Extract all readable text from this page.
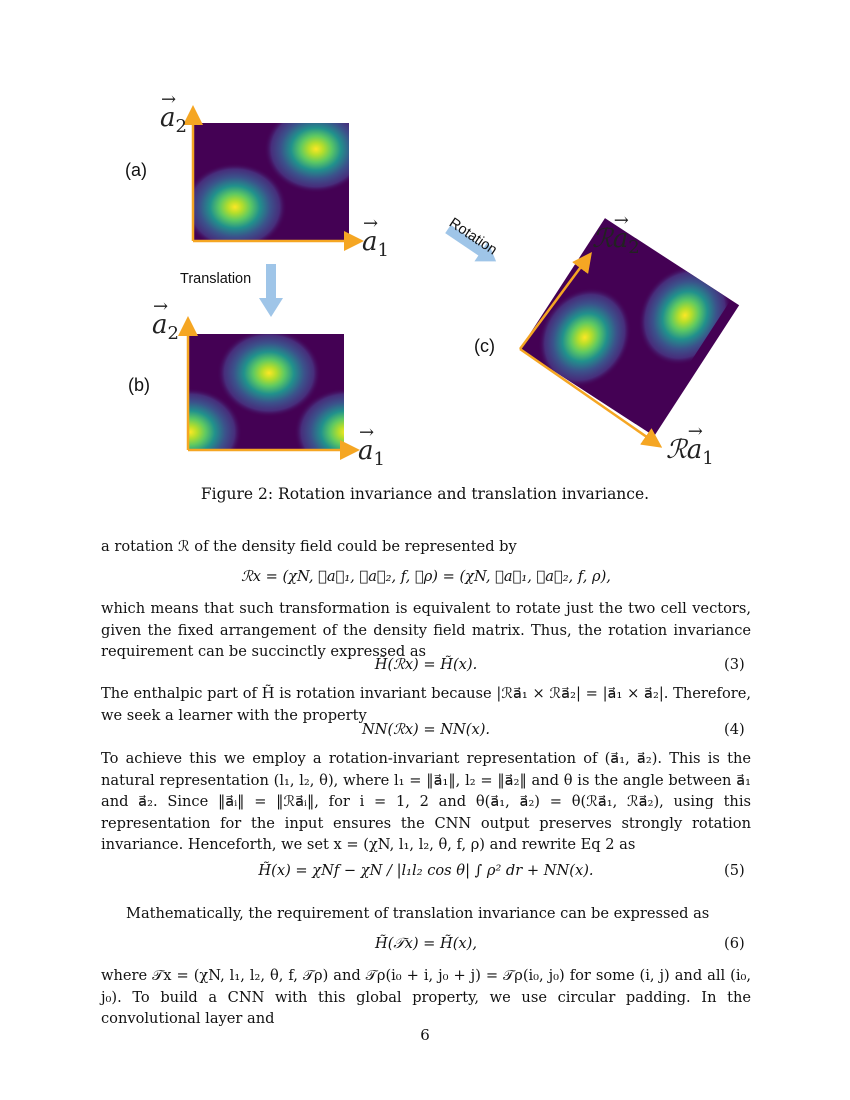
(a)
(b)
(c)
→ $a_2$
→ $a_1$
→ $a_2$
→ $a_1$
ℛ→ $a_2$
ℛ→ $a_1$
Translation
Rotation
Figure 2: Rotation invariance and translation invariance.
a rotation ℛ of the density field could be represented by
ℛx = (χN, ℛa⃗₁, ℛa⃗₂, f, ℛρ) = (χN, ℛa⃗₁, ℛa⃗₂, f, ρ),
which means that such transformation is equivalent to rotate just the two cell vectors, given the fixed arrangement of the density field matrix. Thus, the rotation invariance requirement can be succinctly expressed as
H̃(ℛx) = H̃(x).	(3)
The enthalpic part of H̃ is rotation invariant because |ℛa⃗₁ × ℛa⃗₂| = |a⃗₁ × a⃗₂|. Therefore, we seek a learner with the property
NN(ℛx) = NN(x).	(4)
To achieve this we employ a rotation-invariant representation of (a⃗₁, a⃗₂). This is the natural representation (l₁, l₂, θ), where l₁ = ‖a⃗₁‖, l₂ = ‖a⃗₂‖ and θ is the angle between a⃗₁ and a⃗₂. Since ‖a⃗ᵢ‖ = ‖ℛa⃗ᵢ‖, for i = 1, 2 and θ(a⃗₁, a⃗₂) = θ(ℛa⃗₁, ℛa⃗₂), using this representation for the input ensures the CNN output preserves strongly rotation invariance. Henceforth, we set x = (χN, l₁, l₂, θ, f, ρ) and rewrite Eq 2 as
H̃(x) = χNf − χN / |l₁l₂ cos θ| ∫ ρ² dr + NN(x).	(5)
Mathematically, the requirement of translation invariance can be expressed as
H̃(𝒯x) = H̃(x),	(6)
where 𝒯x = (χN, l₁, l₂, θ, f, 𝒯ρ) and 𝒯ρ(i₀ + i, j₀ + j) = 𝒯ρ(i₀, j₀) for some (i, j) and all (i₀, j₀). To build a CNN with this global property, we use circular padding. In the convolutional layer and
6
